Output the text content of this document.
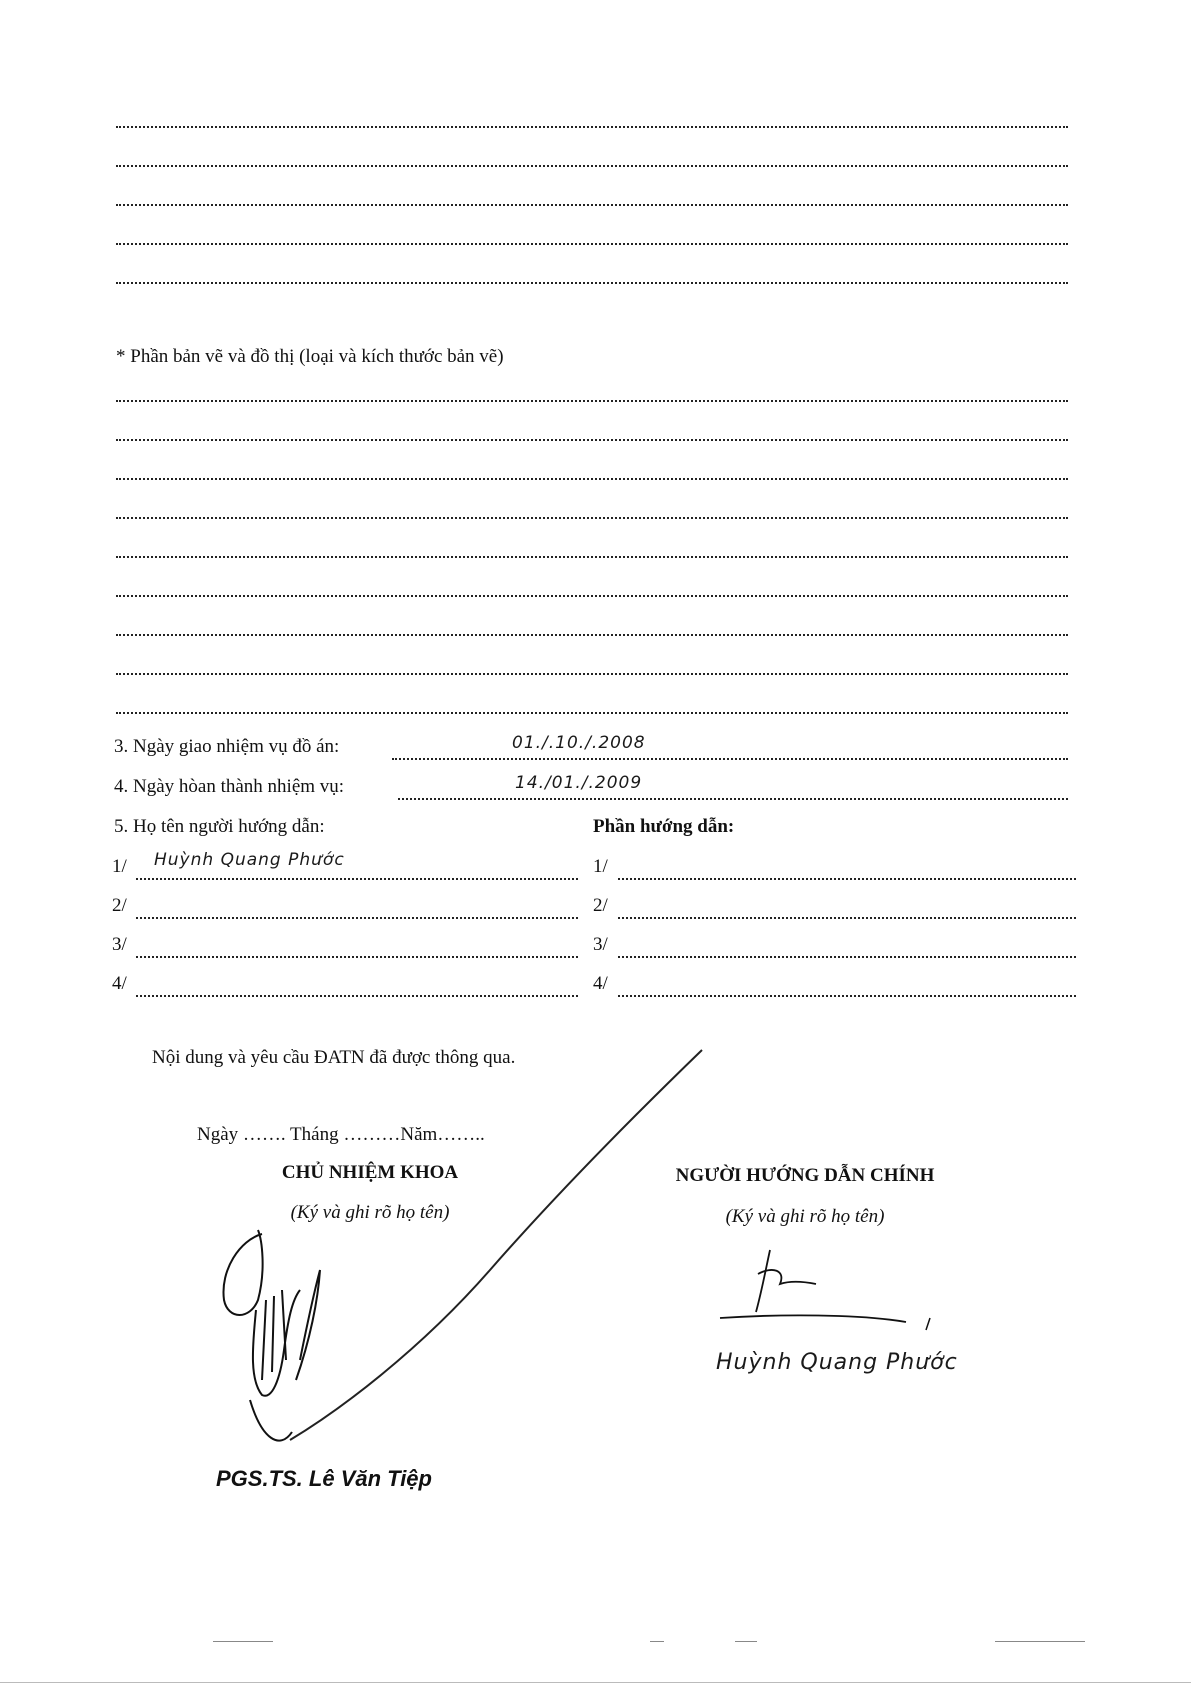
* Phần bản vẽ và đồ thị (loại và kích thước bản vẽ)
3. Ngày giao nhiệm vụ đồ án:	01./.10./.2008
4. Ngày hòan thành nhiệm vụ:	14./01./.2009
5. Họ tên người hướng dẫn:	Phần hướng dẫn:
1/ Huỳnh Quang Phước	1/
2/	2/
3/	3/
4/	4/
Nội dung và yêu cầu ĐATN đã được thông qua.
Ngày ……. Tháng ………Năm……..
CHỦ NHIỆM KHOA
(Ký và ghi rõ họ tên)
PGS.TS. Lê Văn Tiệp
NGƯỜI HƯỚNG DẪN CHÍNH
(Ký và ghi rõ họ tên)
Huỳnh Quang Phước
